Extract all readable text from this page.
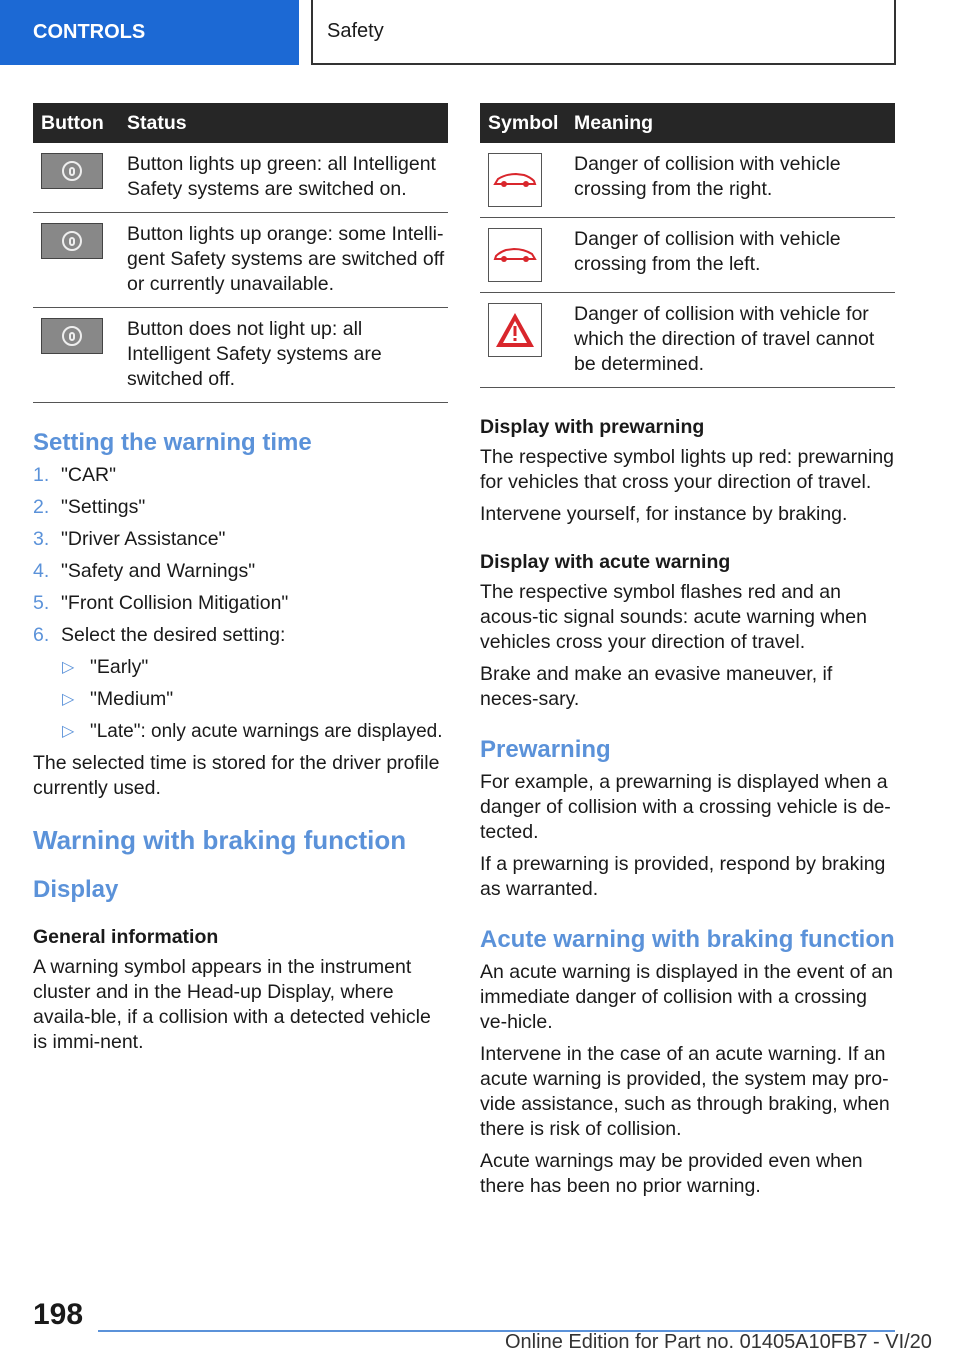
CONTROLS	Safety
Button	Status

	Button lights up green: all Intelligent Safety systems are switched on.

	Button lights up orange: some Intelli-gent Safety systems are switched off or currently unavailable.

	Button does not light up: all Intelligent Safety systems are switched off.
Setting the warning time
1. "CAR"
2. "Settings"
3. "Driver Assistance"
4. "Safety and Warnings"
5. "Front Collision Mitigation"
6. Select the desired setting:
▷ "Early"
▷ "Medium"
▷ "Late": only acute warnings are displayed.

The selected time is stored for the driver profile currently used.

Warning with braking function
Display
General information

A warning symbol appears in the instrument cluster and in the Head-up Display, where availa-ble, if a collision with a detected vehicle is immi-nent.

Symbol	Meaning

	Danger of collision with vehicle crossing from the right.

	Danger of collision with vehicle crossing from the left.

	Danger of collision with vehicle for which the direction of travel cannot be determined.
Display with prewarning

The respective symbol lights up red: prewarning for vehicles that cross your direction of travel.

Intervene yourself, for instance by braking.

Display with acute warning

The respective symbol flashes red and an acous-tic signal sounds: acute warning when vehicles cross your direction of travel.

Brake and make an evasive maneuver, if neces-sary.

Prewarning

For example, a prewarning is displayed when a danger of collision with a crossing vehicle is de-tected.

If a prewarning is provided, respond by braking as warranted.

Acute warning with braking function

An acute warning is displayed in the event of an immediate danger of collision with a crossing ve-hicle.

Intervene in the case of an acute warning. If an acute warning is provided, the system may pro-vide assistance, such as through braking, when there is risk of collision.

Acute warnings may be provided even when there has been no prior warning.

198
Online Edition for Part no. 01405A10FB7 - VI/20
